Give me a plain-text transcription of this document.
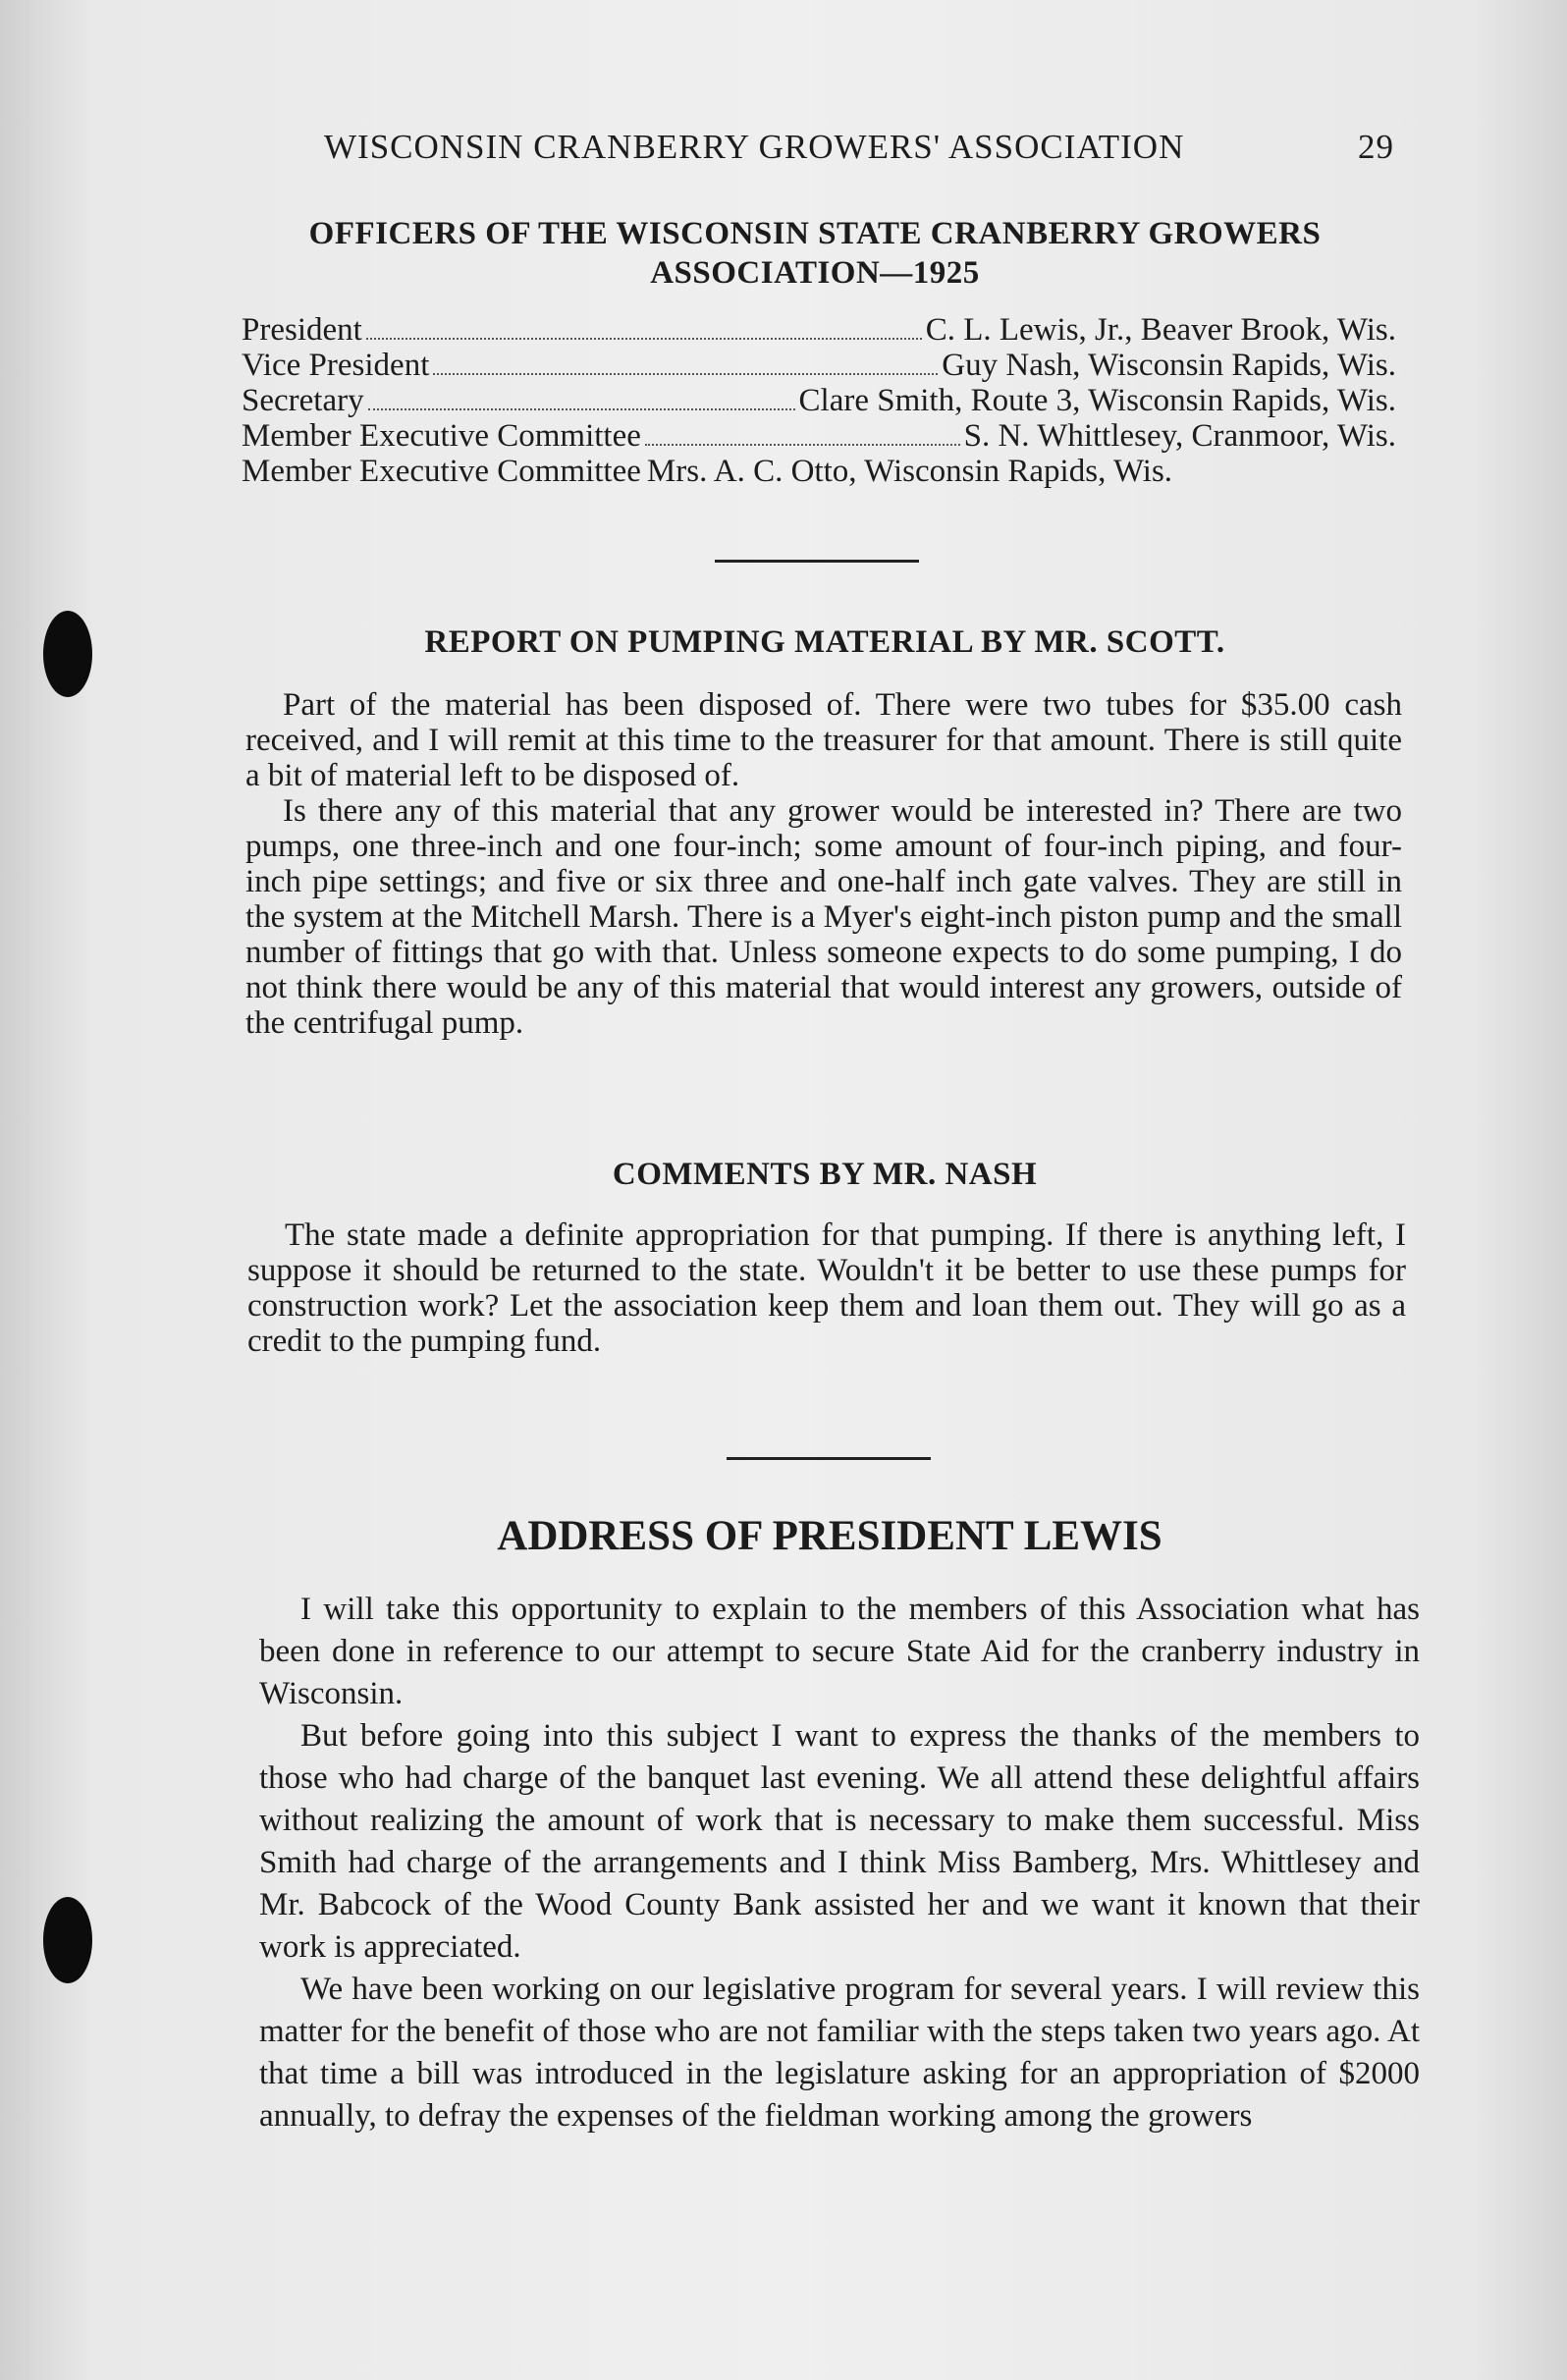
WISCONSIN CRANBERRY GROWERS' ASSOCIATION	29
OFFICERS OF THE WISCONSIN STATE CRANBERRY GROWERS
ASSOCIATION—1925
President	C. L. Lewis, Jr., Beaver Brook, Wis.
Vice President	Guy Nash, Wisconsin Rapids, Wis.
Secretary	Clare Smith, Route 3, Wisconsin Rapids, Wis.
Member Executive Committee	S. N. Whittlesey, Cranmoor, Wis.
Member Executive Committee Mrs. A. C. Otto, Wisconsin Rapids, Wis.
REPORT ON PUMPING MATERIAL BY MR. SCOTT.

Part of the material has been disposed of. There were two tubes for $35.00 cash received, and I will remit at this time to the treasurer for that amount. There is still quite a bit of material left to be disposed of.

Is there any of this material that any grower would be interested in? There are two pumps, one three-inch and one four-inch; some amount of four-inch piping, and four-inch pipe settings; and five or six three and one-half inch gate valves. They are still in the system at the Mitchell Marsh. There is a Myer's eight-inch piston pump and the small number of fittings that go with that. Unless someone expects to do some pumping, I do not think there would be any of this material that would interest any growers, outside of the centrifugal pump.

COMMENTS BY MR. NASH

The state made a definite appropriation for that pumping. If there is anything left, I suppose it should be returned to the state. Wouldn't it be better to use these pumps for construction work? Let the association keep them and loan them out. They will go as a credit to the pumping fund.

ADDRESS OF PRESIDENT LEWIS

I will take this opportunity to explain to the members of this Association what has been done in reference to our attempt to secure State Aid for the cranberry industry in Wisconsin.

But before going into this subject I want to express the thanks of the members to those who had charge of the banquet last evening. We all attend these delightful affairs without realizing the amount of work that is necessary to make them successful. Miss Smith had charge of the arrangements and I think Miss Bamberg, Mrs. Whittlesey and Mr. Babcock of the Wood County Bank assisted her and we want it known that their work is appreciated.

We have been working on our legislative program for several years. I will review this matter for the benefit of those who are not familiar with the steps taken two years ago. At that time a bill was introduced in the legislature asking for an appropriation of $2000 annually, to defray the expenses of the fieldman working among the growers
